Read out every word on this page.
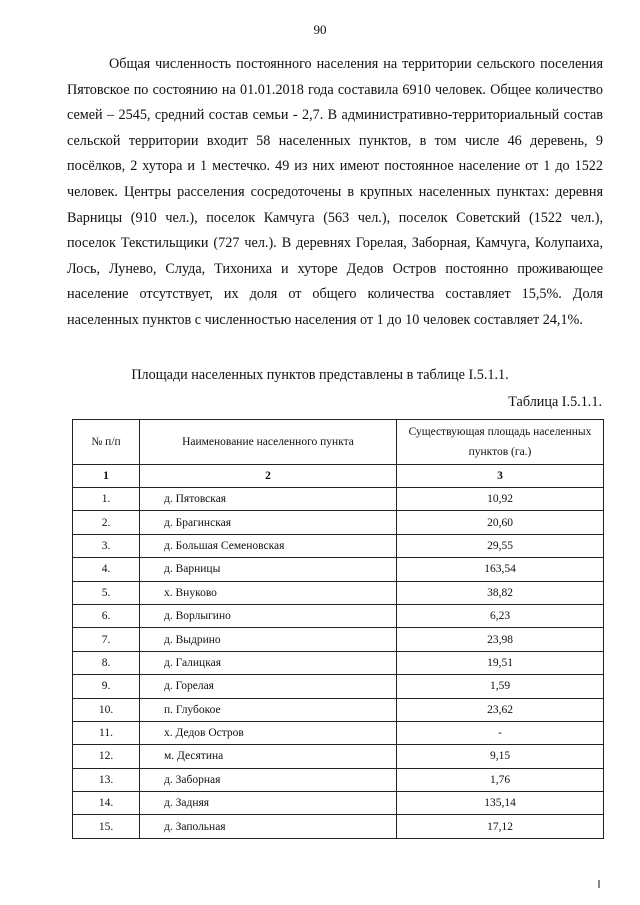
90

Общая численность постоянного населения на территории сельского поселения Пятовское по состоянию на 01.01.2018 года составила 6910 человек. Общее количество семей – 2545, средний состав семьи - 2,7. В административно-территориальный состав сельской территории входит 58 населенных пунктов, в том числе 46 деревень, 9 посёлков, 2 хутора и 1 местечко. 49 из них имеют постоянное население от 1 до 1522 человек. Центры расселения сосредоточены в крупных населенных пунктах: деревня Варницы (910 чел.), поселок Камчуга (563 чел.), поселок Советский (1522 чел.), поселок Текстильщики (727 чел.). В деревнях Горелая, Заборная, Камчуга, Колупаиха, Лось, Лунево, Слуда, Тихониха и хуторе Дедов Остров постоянно проживающее население отсутствует, их доля от общего количества составляет 15,5%. Доля населенных пунктов с численностью населения от 1 до 10 человек составляет 24,1%.

Площади населенных пунктов представлены в таблице I.5.1.1.

Таблица I.5.1.1.

№ п/п	Наименование населенного пункта	Существующая площадь населенных пунктов (га.)
1	2	3
1.	д. Пятовская	10,92
2.	д. Брагинская	20,60
3.	д. Большая Семеновская	29,55
4.	д. Варницы	163,54
5.	х. Внуково	38,82
6.	д. Ворлыгино	6,23
7.	д. Выдрино	23,98
8.	д. Галицкая	19,51
9.	д. Горелая	1,59
10.	п. Глубокое	23,62
11.	х. Дедов Остров	-
12.	м. Десятина	9,15
13.	д. Заборная	1,76
14.	д. Задняя	135,14
15.	д. Запольная	17,12
